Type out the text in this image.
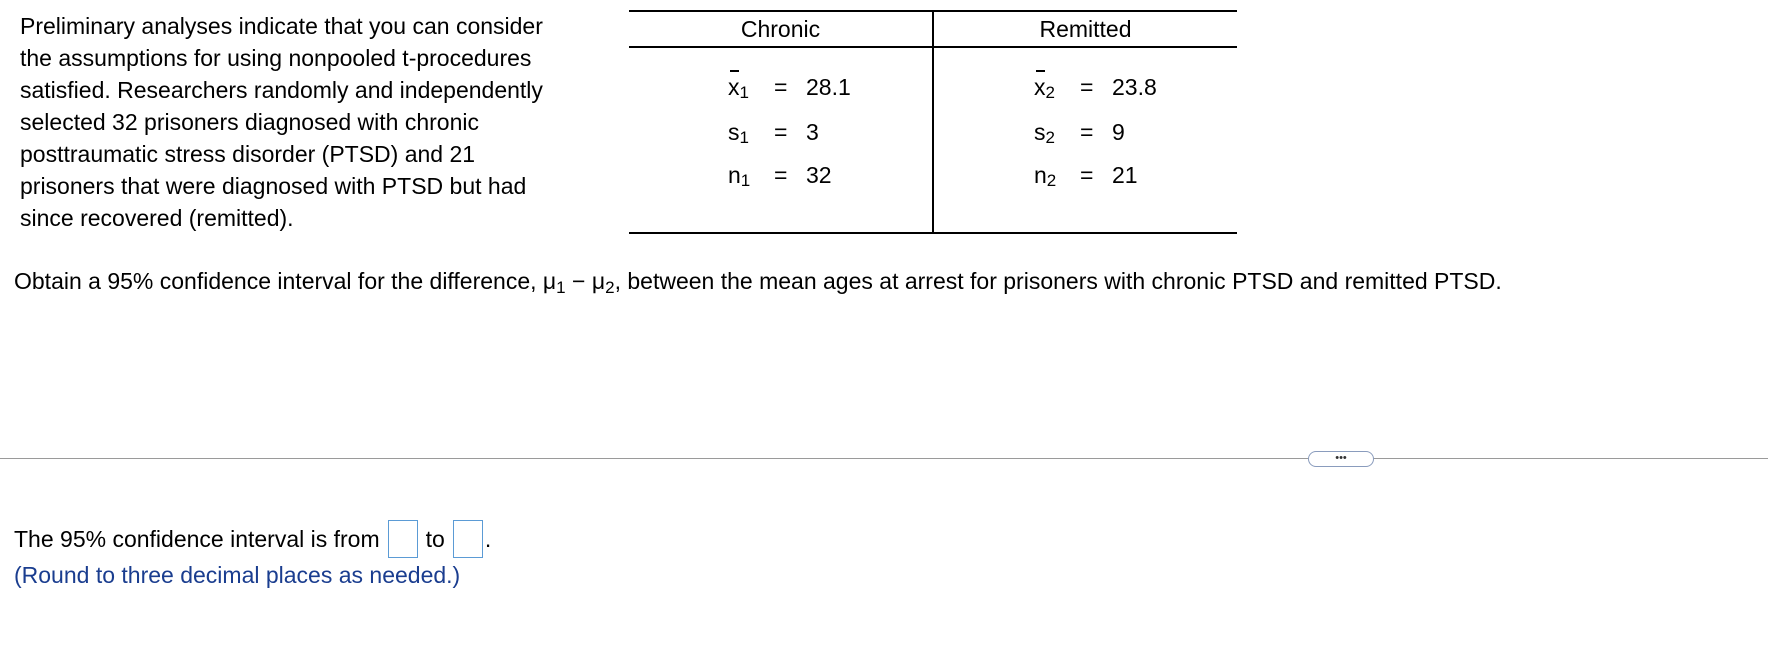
Preliminary analyses indicate that you can consider
the assumptions for using nonpooled t-procedures
satisfied. Researchers randomly and independently
selected 32 prisoners diagnosed with chronic
posttraumatic stress disorder (PTSD) and 21
prisoners that were diagnosed with PTSD but had
since recovered (remitted).
Chronic	Remitted
$x_1 = 28.1$
$s_1 = 3$
$n_1 = 32$
$x_2 = 23.8$
$s_2 = 9$
$n_2 = 21$
Obtain a 95% confidence interval for the difference, $\mu_1 - \mu_2$, between the mean ages at arrest for prisoners with chronic PTSD and remitted PTSD.
•••
The 95% confidence interval is from to .
(Round to three decimal places as needed.)
